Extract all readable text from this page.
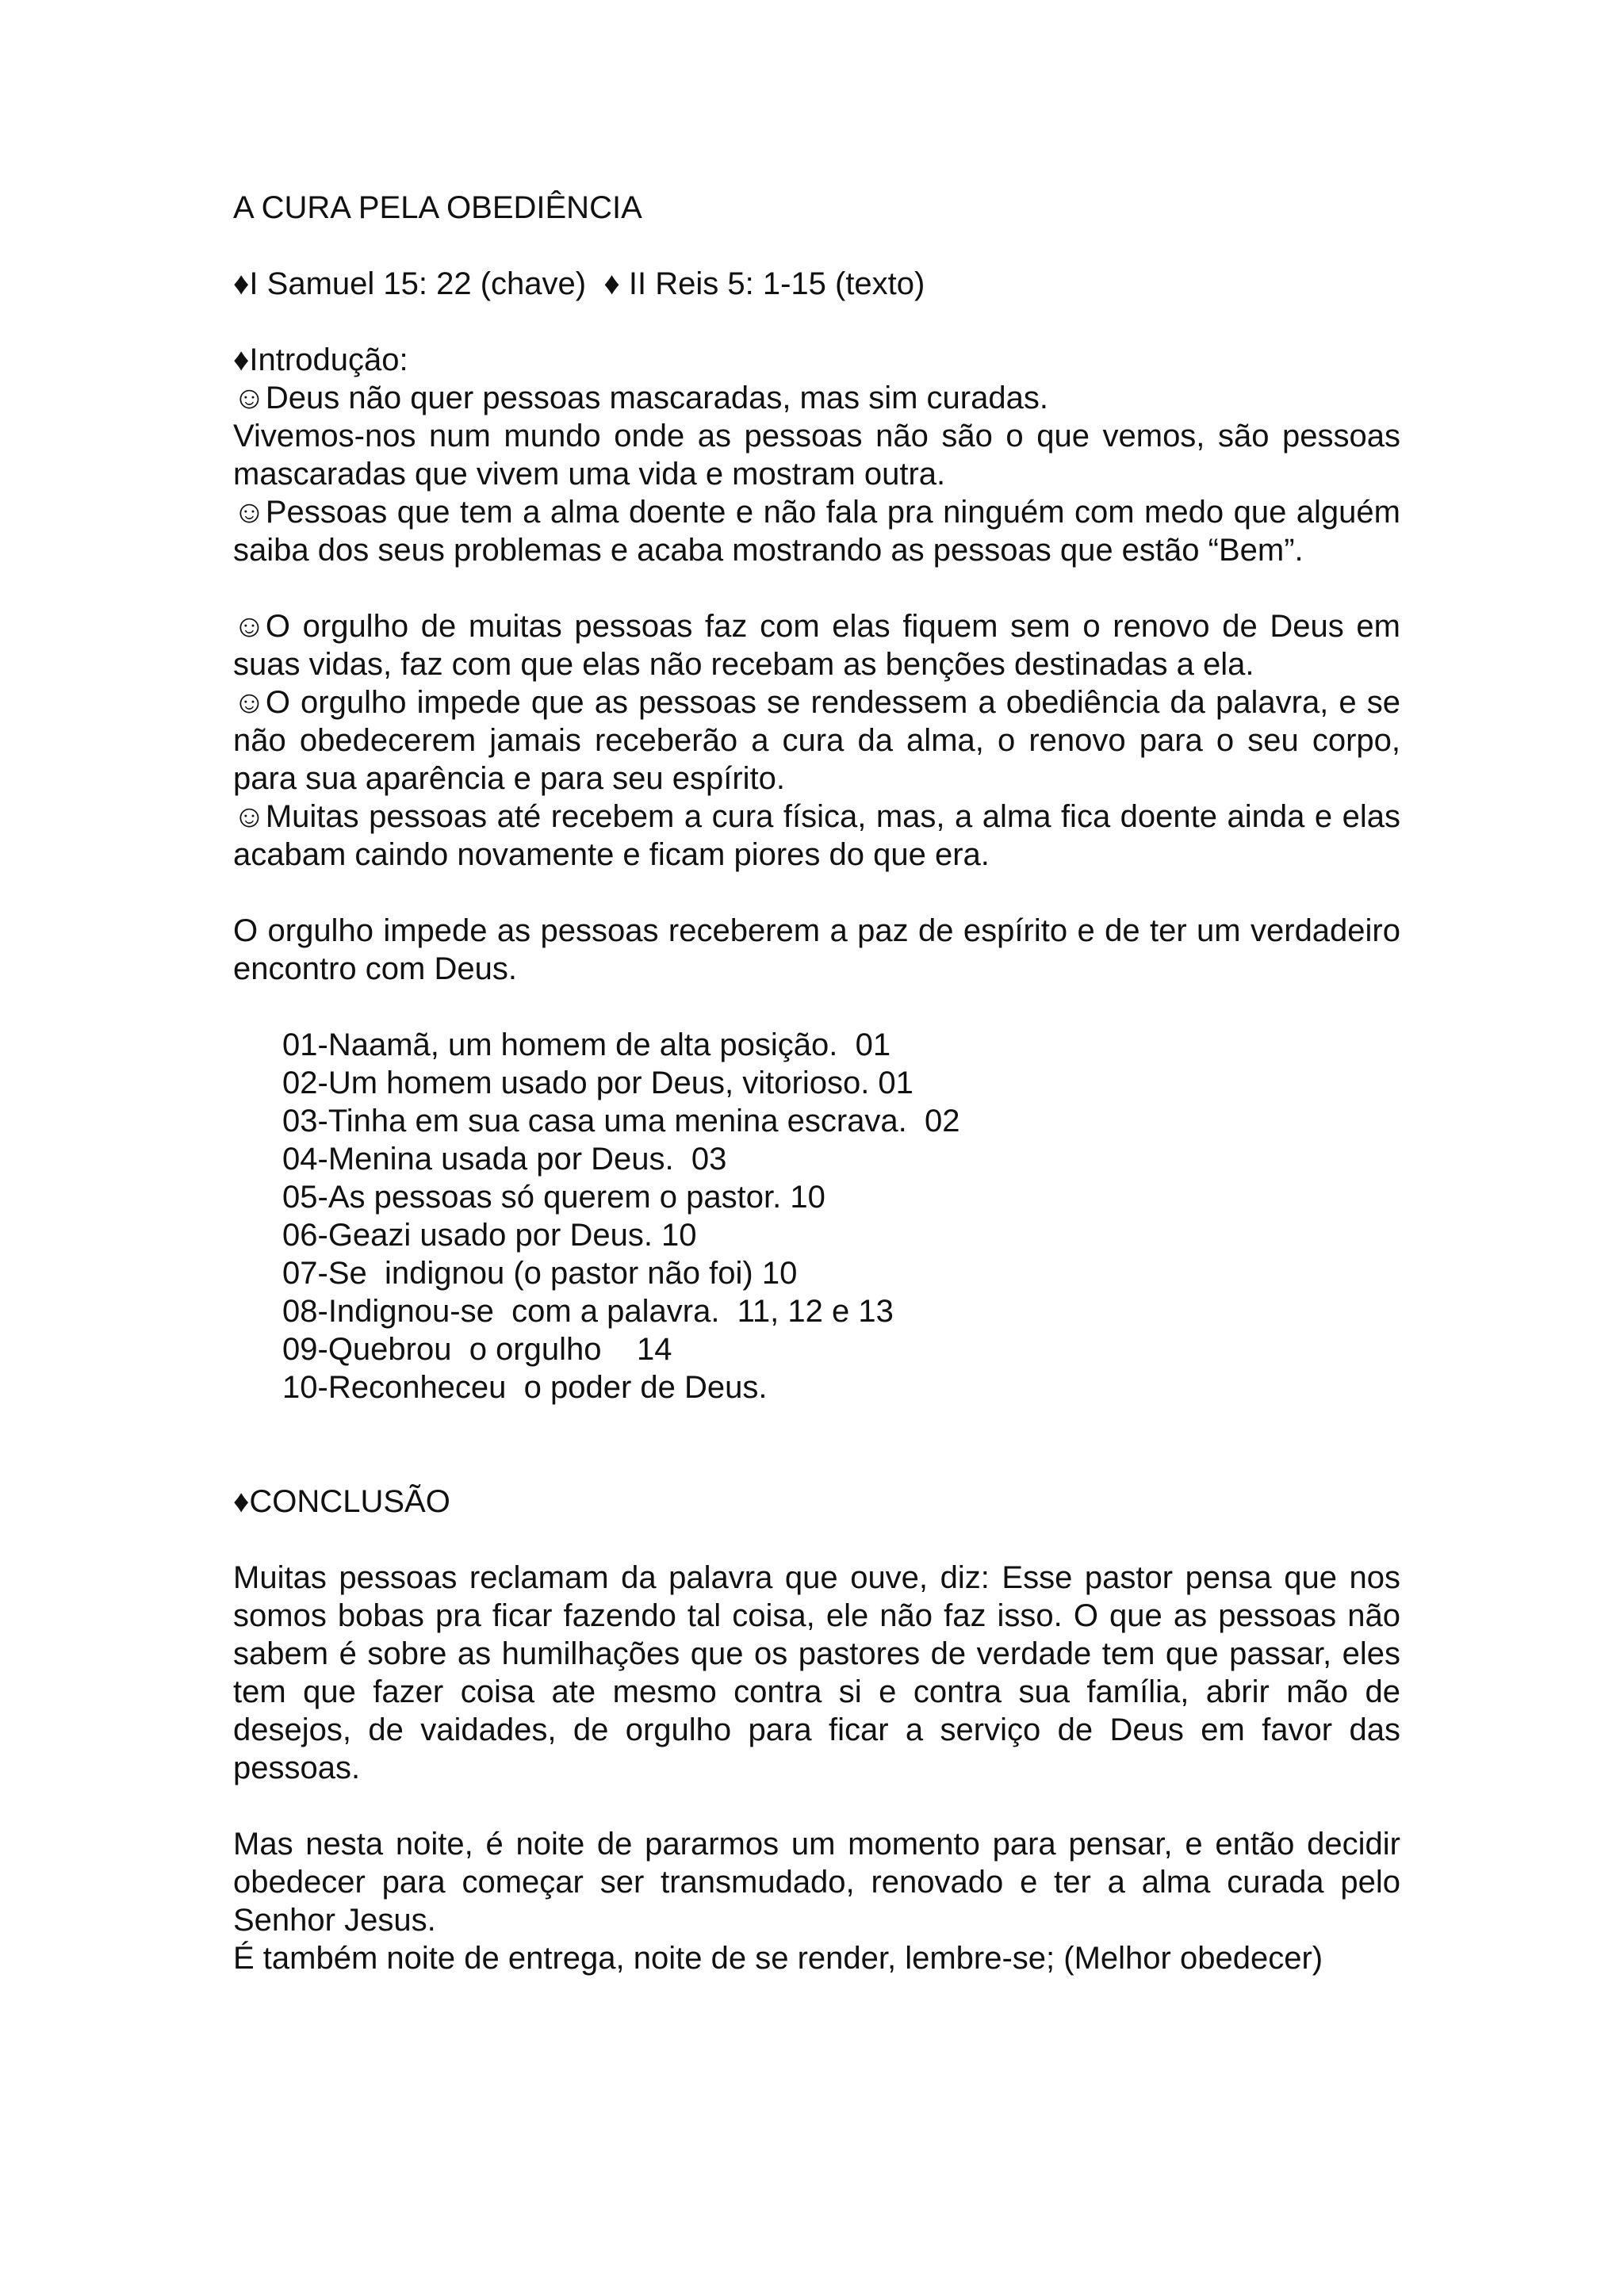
A CURA PELA OBEDIÊNCIA

♦I Samuel 15: 22 (chave) ♦ II Reis 5: 1-15 (texto)

♦Introdução:

☺Deus não quer pessoas mascaradas, mas sim curadas.

Vivemos-nos num mundo onde as pessoas não são o que vemos, são pessoas mascaradas que vivem uma vida e mostram outra.

☺Pessoas que tem a alma doente e não fala pra ninguém com medo que alguém saiba dos seus problemas e acaba mostrando as pessoas que estão “Bem”.

☺O orgulho de muitas pessoas faz com elas fiquem sem o renovo de Deus em suas vidas, faz com que elas não recebam as benções destinadas a ela.

☺O orgulho impede que as pessoas se rendessem a obediência da palavra, e se não obedecerem jamais receberão a cura da alma, o renovo para o seu corpo, para sua aparência e para seu espírito.

☺Muitas pessoas até recebem a cura física, mas, a alma fica doente ainda e elas acabam caindo novamente e ficam piores do que era.

O orgulho impede as pessoas receberem a paz de espírito e de ter um verdadeiro encontro com Deus.

01-Naamã, um homem de alta posição.  01
02-Um homem usado por Deus, vitorioso. 01
03-Tinha em sua casa uma menina escrava.  02
04-Menina usada por Deus.  03
05-As pessoas só querem o pastor. 10
06-Geazi usado por Deus. 10
07-Se  indignou (o pastor não foi) 10
08-Indignou-se  com a palavra.  11, 12 e 13
09-Quebrou  o orgulho    14
10-Reconheceu  o poder de Deus.

♦CONCLUSÃO

Muitas pessoas reclamam da palavra que ouve, diz: Esse pastor pensa que nos somos bobas pra ficar fazendo tal coisa, ele não faz isso. O que as pessoas não sabem é sobre as humilhações que os pastores de verdade tem que passar, eles tem que fazer coisa ate mesmo contra si e contra sua família, abrir mão de desejos, de vaidades, de orgulho para ficar a serviço de Deus em favor das pessoas.

Mas nesta noite, é noite de pararmos um momento para pensar, e então decidir obedecer para começar ser transmudado, renovado e ter a alma curada pelo Senhor Jesus.

É também noite de entrega, noite de se render, lembre-se; (Melhor obedecer)
